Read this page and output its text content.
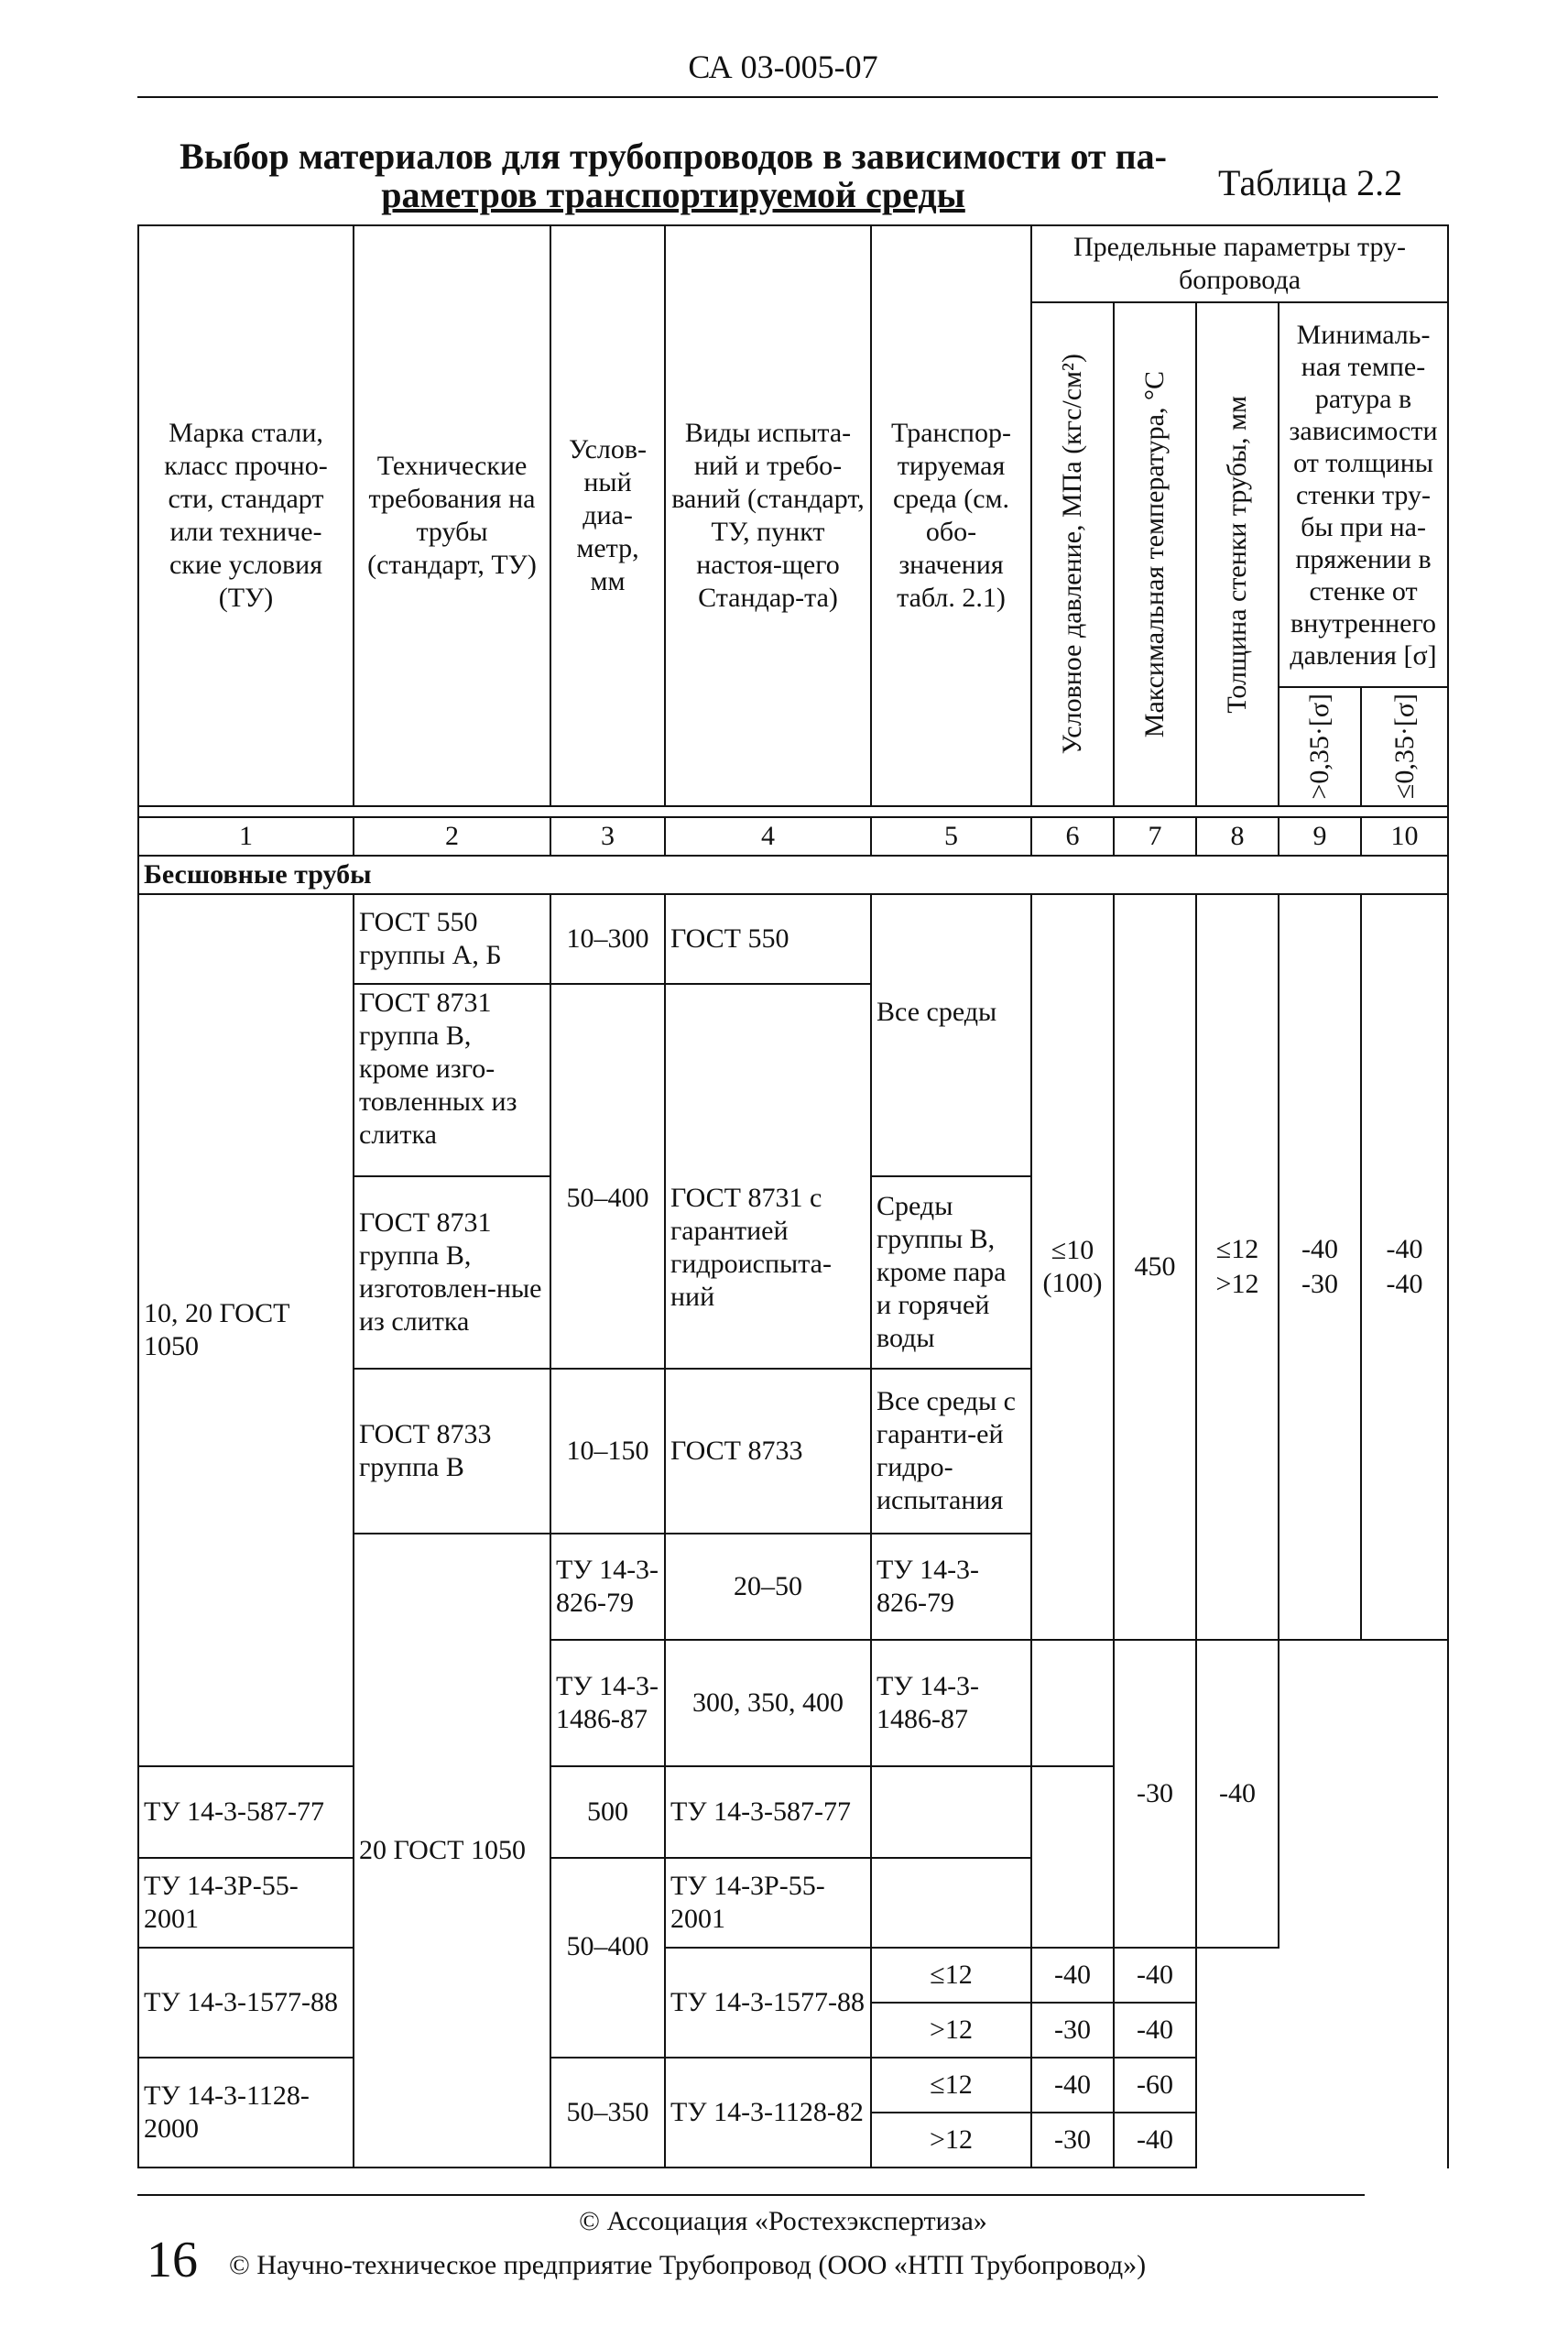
СА 03-005-07
Выбор материалов для трубопроводов в зависимости от па-
раметров транспортируемой среды	Таблица 2.2
Марка стали, класс прочно-сти, стандарт или техниче-ские условия (ТУ)	Технические требования на трубы (стандарт, ТУ)	Услов-ный диа-метр, мм	Виды испыта-ний и требо-ваний (стандарт, ТУ, пункт настоя-щего Стандар-та)	Транспор-тируемая среда (см. обо-значения табл. 2.1)	Предельные параметры тру-бопровода					

					Условное давление, МПа (кгс/см²)	Максимальная температура, °С	Толщина стенки трубы, мм	Минималь-ная темпе-ратура в зависимости от толщины стенки тру-бы при на-пряжении в стенке от внутреннего давления [σ]		

								>0,35·[σ]	≤0,35·[σ]	

1	2	3	4	5	6	7	8	9	10	
Бесшовные трубы										
10, 20 ГОСТ 1050	ГОСТ 550 группы А, Б	10–300	ГОСТ 550	Все среды	≤10 (100)	450	≤12 >12	-40 -30	-40 -40	
	ГОСТ 8731 группа В, кроме изго-товленных из слитка	50–400	ГОСТ 8731 с гарантией гидроиспыта-ний							
	ГОСТ 8731 группа В, изготовлен-ные из слитка			Среды группы В, кроме пара и горячей воды						
	ГОСТ 8733 группа В	10–150	ГОСТ 8733	Все среды с гаранти-ей гидро-испытания					
	20 ГОСТ 1050	ТУ 14-3-826-79	20–50	ТУ 14-3-826-79						

		ТУ 14-3-1486-87	300, 350, 400	ТУ 14-3-1486-87		-30	-40			
ТУ 14-3-587-77		500	ТУ 14-3-587-77							
ТУ 14-3Р-55-2001		50–400	ТУ 14-3Р-55-2001							
ТУ 14-3-1577-88			ТУ 14-3-1577-88	≤12	-40	-40				
				>12	-30	-40				
ТУ 14-3-1128-2000		50–350	ТУ 14-3-1128-82	≤12	-40	-60				
				>12	-30	-40				
© Ассоциация «Ростехэкспертиза»
16 © Научно-техническое предприятие Трубопровод (ООО «НТП Трубопровод»)
